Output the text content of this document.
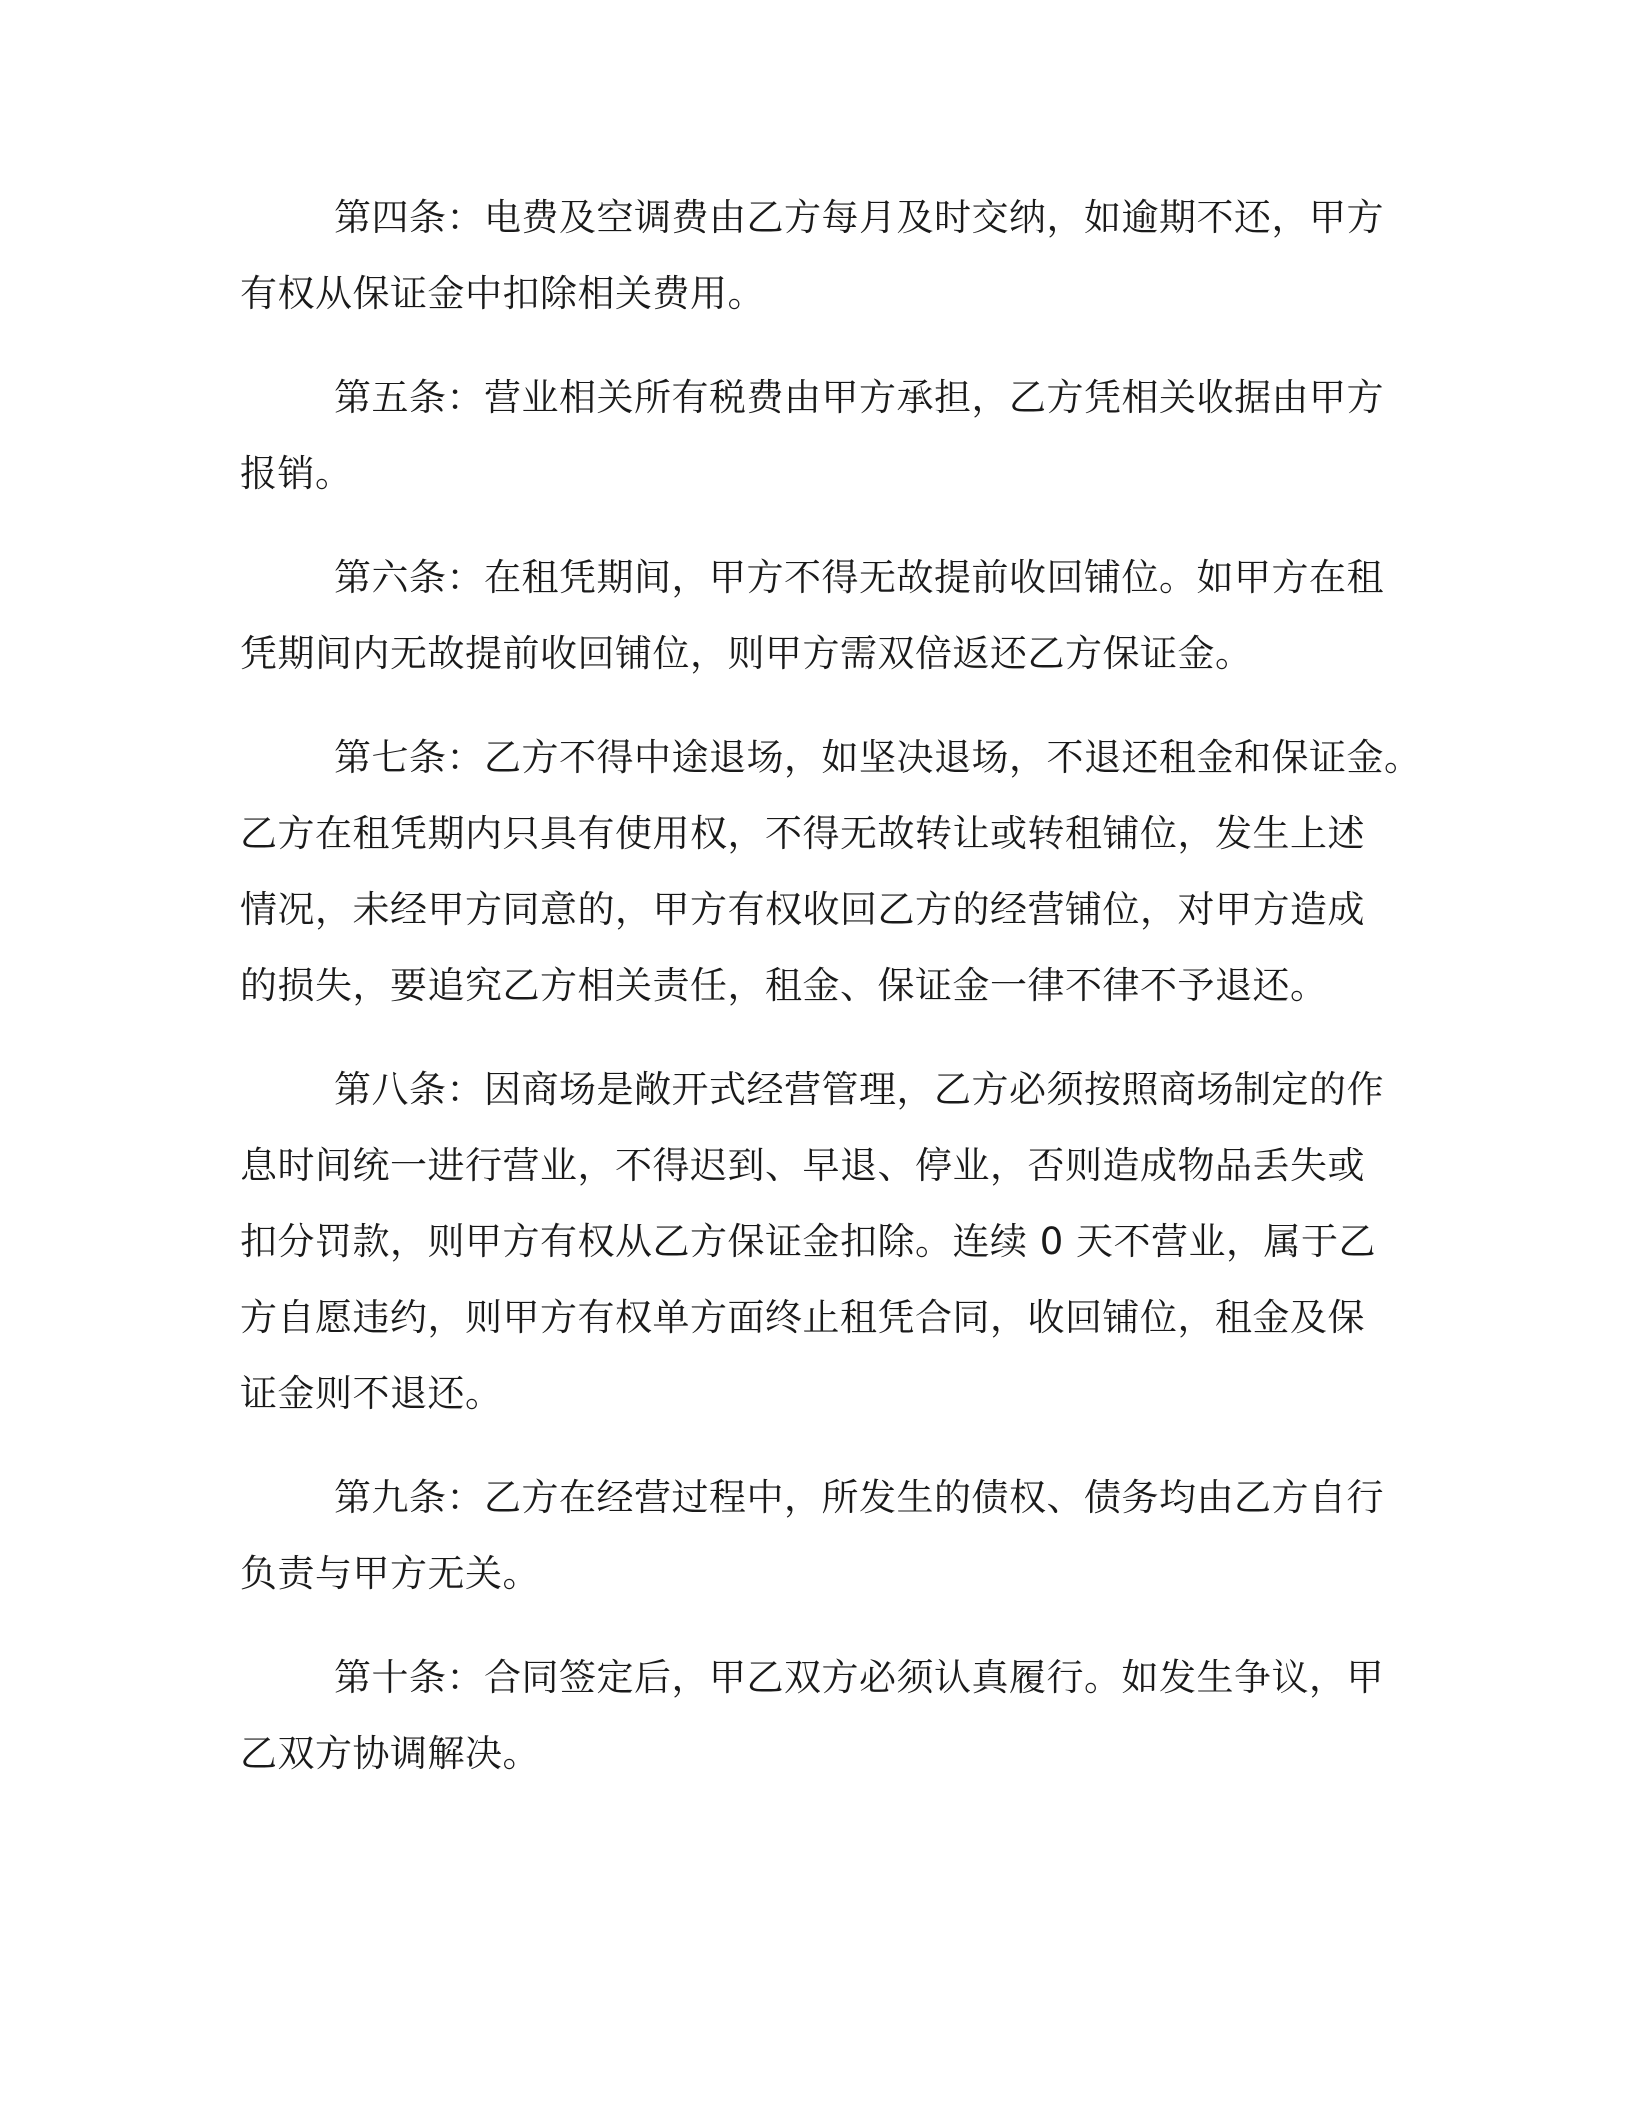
第四条：电费及空调费由乙方每月及时交纳，如逾期不还，甲方
有权从保证金中扣除相关费用。
第五条：营业相关所有税费由甲方承担，乙方凭相关收据由甲方
报销。
第六条：在租凭期间，甲方不得无故提前收回铺位。如甲方在租
凭期间内无故提前收回铺位，则甲方需双倍返还乙方保证金。
第七条：乙方不得中途退场，如坚决退场，不退还租金和保证金。
乙方在租凭期内只具有使用权，不得无故转让或转租铺位，发生上述
情况，未经甲方同意的，甲方有权收回乙方的经营铺位，对甲方造成
的损失，要追究乙方相关责任，租金、保证金一律不律不予退还。
第八条：因商场是敞开式经营管理，乙方必须按照商场制定的作
息时间统一进行营业，不得迟到、早退、停业，否则造成物品丢失或
扣分罚款，则甲方有权从乙方保证金扣除。连续 0 天不营业，属于乙
方自愿违约，则甲方有权单方面终止租凭合同，收回铺位，租金及保
证金则不退还。
第九条：乙方在经营过程中，所发生的债权、债务均由乙方自行
负责与甲方无关。
第十条：合同签定后，甲乙双方必须认真履行。如发生争议，甲
乙双方协调解决。
